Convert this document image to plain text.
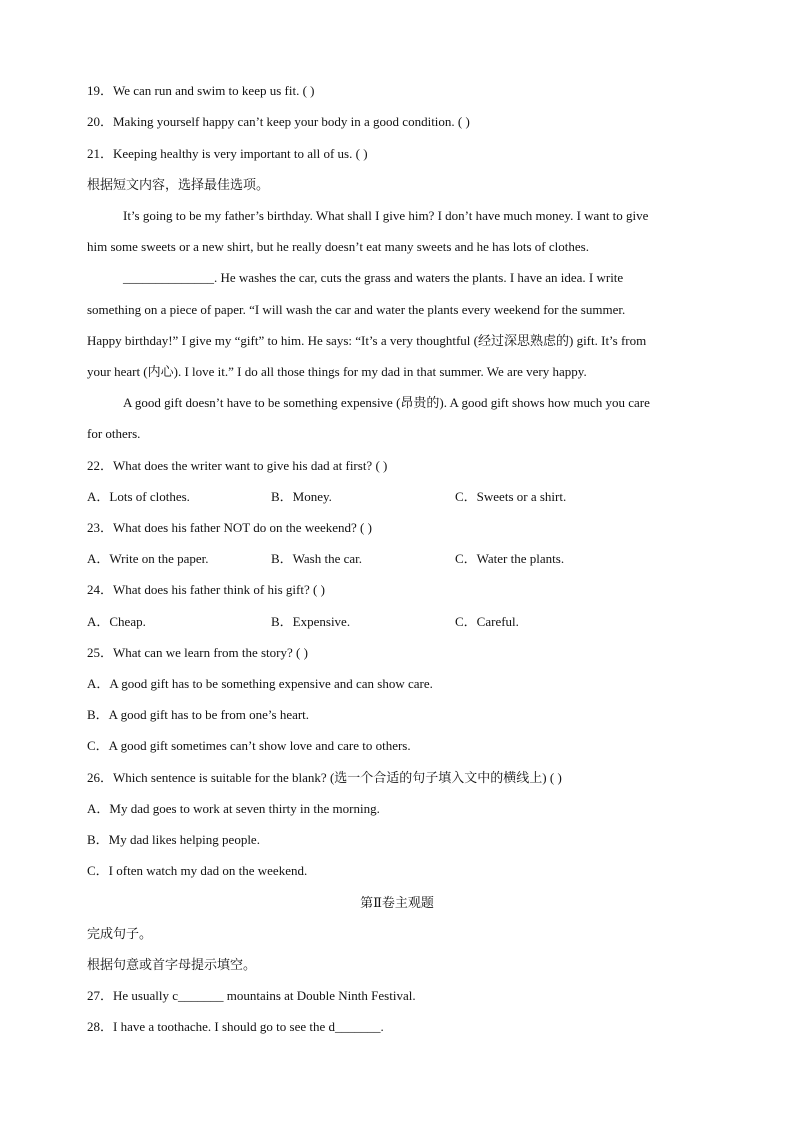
19．We can run and swim to keep us fit. ( )
20．Making yourself happy can’t keep your body in a good condition. ( )
21．Keeping healthy is very important to all of us. ( )
根据短文内容，选择最佳选项。
It’s going to be my father’s birthday. What shall I give him? I don’t have much money. I want to give
him some sweets or a new shirt, but he really doesn’t eat many sweets and he has lots of clothes.
______________. He washes the car, cuts the grass and waters the plants. I have an idea. I write
something on a piece of paper. “I will wash the car and water the plants every weekend for the summer.
Happy birthday!” I give my “gift” to him. He says: “It’s a very thoughtful (经过深思熟虑的) gift. It’s from
your heart (内心). I love it.” I do all those things for my dad in that summer. We are very happy.
A good gift doesn’t have to be something expensive (昂贵的). A good gift shows how much you care
for others.
22．What does the writer want to give his dad at first? ( )
A．Lots of clothes.	B．Money.	C．Sweets or a shirt.
23．What does his father NOT do on the weekend? ( )
A．Write on the paper.	B．Wash the car.	C．Water the plants.
24．What does his father think of his gift? ( )
A．Cheap.	B．Expensive.	C．Careful.
25．What can we learn from the story? ( )
A．A good gift has to be something expensive and can show care.
B．A good gift has to be from one’s heart.
C．A good gift sometimes can’t show love and care to others.
26．Which sentence is suitable for the blank? (选一个合适的句子填入文中的横线上) ( )
A．My dad goes to work at seven thirty in the morning.
B．My dad likes helping people.
C．I often watch my dad on the weekend.
第Ⅱ卷主观题
完成句子。
根据句意或首字母提示填空。
27．He usually c_______ mountains at Double Ninth Festival.
28．I have a toothache. I should go to see the d_______.
